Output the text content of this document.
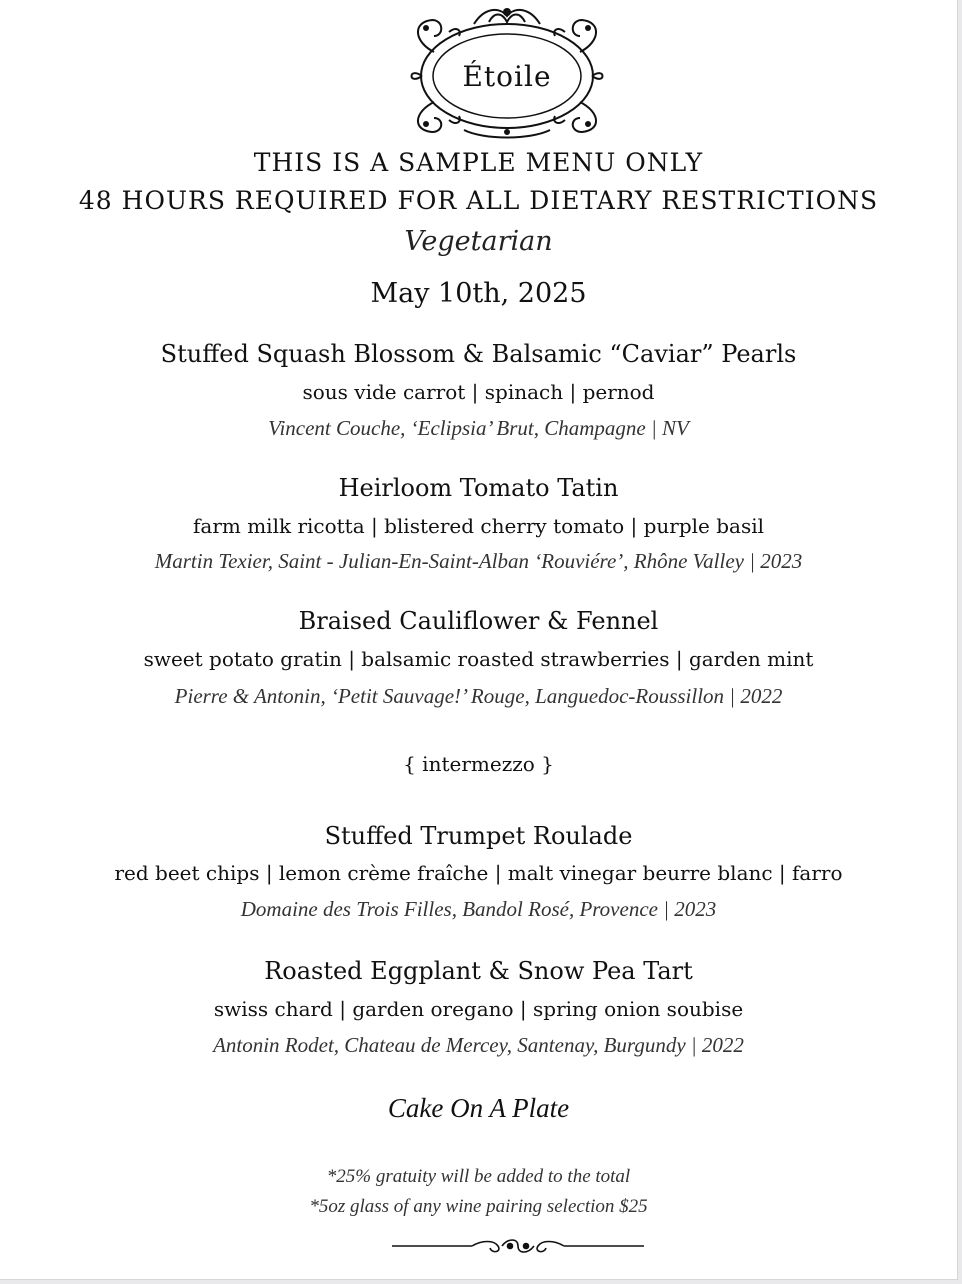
Étoile
THIS IS A SAMPLE MENU ONLY
48 HOURS REQUIRED FOR ALL DIETARY RESTRICTIONS
Vegetarian
May 10th, 2025
Stuffed Squash Blossom & Balsamic “Caviar” Pearls
sous vide carrot | spinach | pernod
Vincent Couche, ‘Eclipsia’ Brut, Champagne | NV
Heirloom Tomato Tatin
farm milk ricotta | blistered cherry tomato | purple basil
Martin Texier, Saint - Julian-En-Saint-Alban ‘Rouviére’, Rhône Valley | 2023
Braised Cauliflower & Fennel
sweet potato gratin | balsamic roasted strawberries | garden mint
Pierre & Antonin, ‘Petit Sauvage!’ Rouge, Languedoc-Roussillon | 2022
{ intermezzo }
Stuffed Trumpet Roulade
red beet chips | lemon crème fraîche | malt vinegar beurre blanc | farro
Domaine des Trois Filles, Bandol Rosé, Provence | 2023
Roasted Eggplant & Snow Pea Tart
swiss chard | garden oregano | spring onion soubise
Antonin Rodet, Chateau de Mercey, Santenay, Burgundy | 2022
Cake On A Plate
*25% gratuity will be added to the total
*5oz glass of any wine pairing selection $25
